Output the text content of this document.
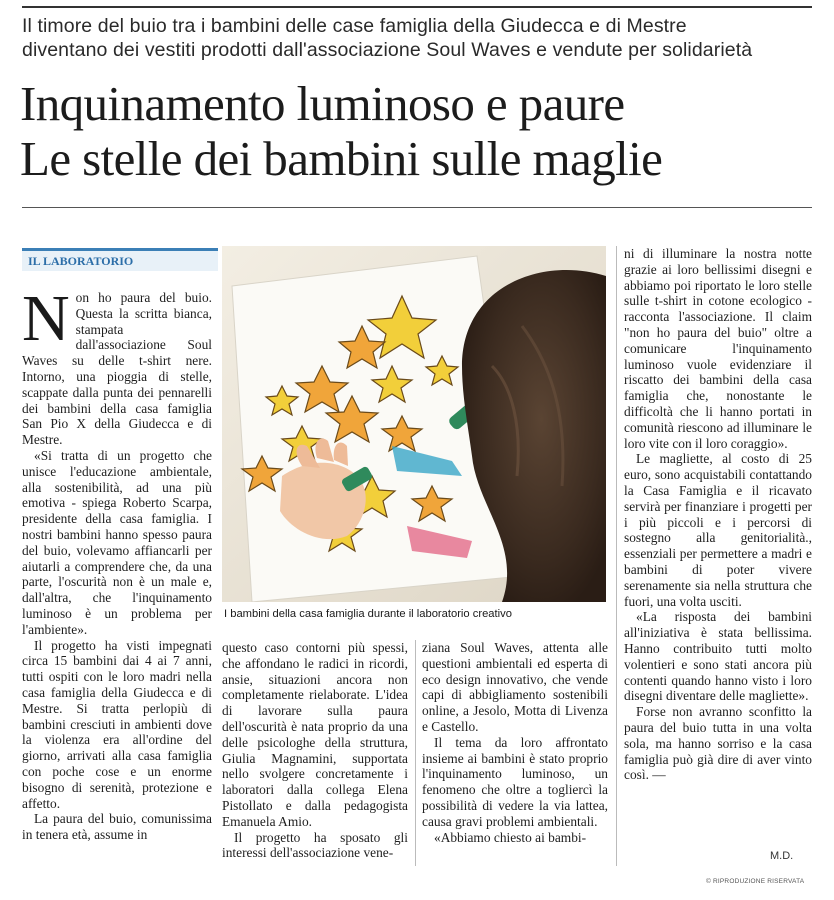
Il timore del buio tra i bambini delle case famiglia della Giudecca e di Mestre
diventano dei vestiti prodotti dall'associazione Soul Waves e vendute per solidarietà
Inquinamento luminoso e paure
Le stelle dei bambini sulle maglie
IL LABORATORIO

Non ho paura del buio. Questa la scritta bianca, stampata dall'associazione Soul Waves su delle t-shirt nere. Intorno, una pioggia di stelle, scappate dalla punta dei pennarelli dei bambini della casa famiglia San Pio X della Giudecca e di Mestre.

«Si tratta di un progetto che unisce l'educazione ambientale, alla sostenibilità, ad una più emotiva - spiega Roberto Scarpa, presidente della casa famiglia. I nostri bambini hanno spesso paura del buio, volevamo affiancarli per aiutarli a comprendere che, da una parte, l'oscurità non è un male e, dall'altra, che l'inquinamento luminoso è un problema per l'ambiente».

Il progetto ha visti impegnati circa 15 bambini dai 4 ai 7 anni, tutti ospiti con le loro madri nella casa famiglia della Giudecca e di Mestre. Si tratta perlopiù di bambini cresciuti in ambienti dove la violenza era all'ordine del giorno, arrivati alla casa famiglia con poche cose e un enorme bisogno di serenità, protezione e affetto.

La paura del buio, comunissima in tenera età, assume in

I bambini della casa famiglia durante il laboratorio creativo

questo caso contorni più spessi, che affondano le radici in ricordi, ansie, situazioni ancora non completamente rielaborate. L'idea di lavorare sulla paura dell'oscurità è nata proprio da una delle psicologhe della struttura, Giulia Magnamini, supportata nello svolgere concretamente i laboratori dalla collega Elena Pistollato e dalla pedagogista Emanuela Amio.

Il progetto ha sposato gli interessi dell'associazione vene-

ziana Soul Waves, attenta alle questioni ambientali ed esperta di eco design innovativo, che vende capi di abbigliamento sostenibili online, a Jesolo, Motta di Livenza e Castello.

Il tema da loro affrontato insieme ai bambini è stato proprio l'inquinamento luminoso, un fenomeno che oltre a togliercì la possibilità di vedere la via lattea, causa gravi problemi ambientali.

«Abbiamo chiesto ai bambi-

ni di illuminare la nostra notte grazie ai loro bellissimi disegni e abbiamo poi riportato le loro stelle sulle t-shirt in cotone ecologico - racconta l'associazione. Il claim "non ho paura del buio" oltre a comunicare l'inquinamento luminoso vuole evidenziare il riscatto dei bambini della casa famiglia che, nonostante le difficoltà che li hanno portati in comunità riescono ad illuminare le loro vite con il loro coraggio».

Le magliette, al costo di 25 euro, sono acquistabili contattando la Casa Famiglia e il ricavato servirà per finanziare i progetti per i più piccoli e i percorsi di sostegno alla genitorialità., essenziali per permettere a madri e bambini di poter vivere serenamente sia nella struttura che fuori, una volta usciti.

«La risposta dei bambini all'iniziativa è stata bellissima. Hanno contribuito tutti molto volentieri e sono stati ancora più contenti quando hanno visto i loro disegni diventare delle magliette».

Forse non avranno sconfitto la paura del buio tutta in una volta sola, ma hanno sorriso e la casa famiglia può già dire di aver vinto così. —

M.D.
© RIPRODUZIONE RISERVATA
